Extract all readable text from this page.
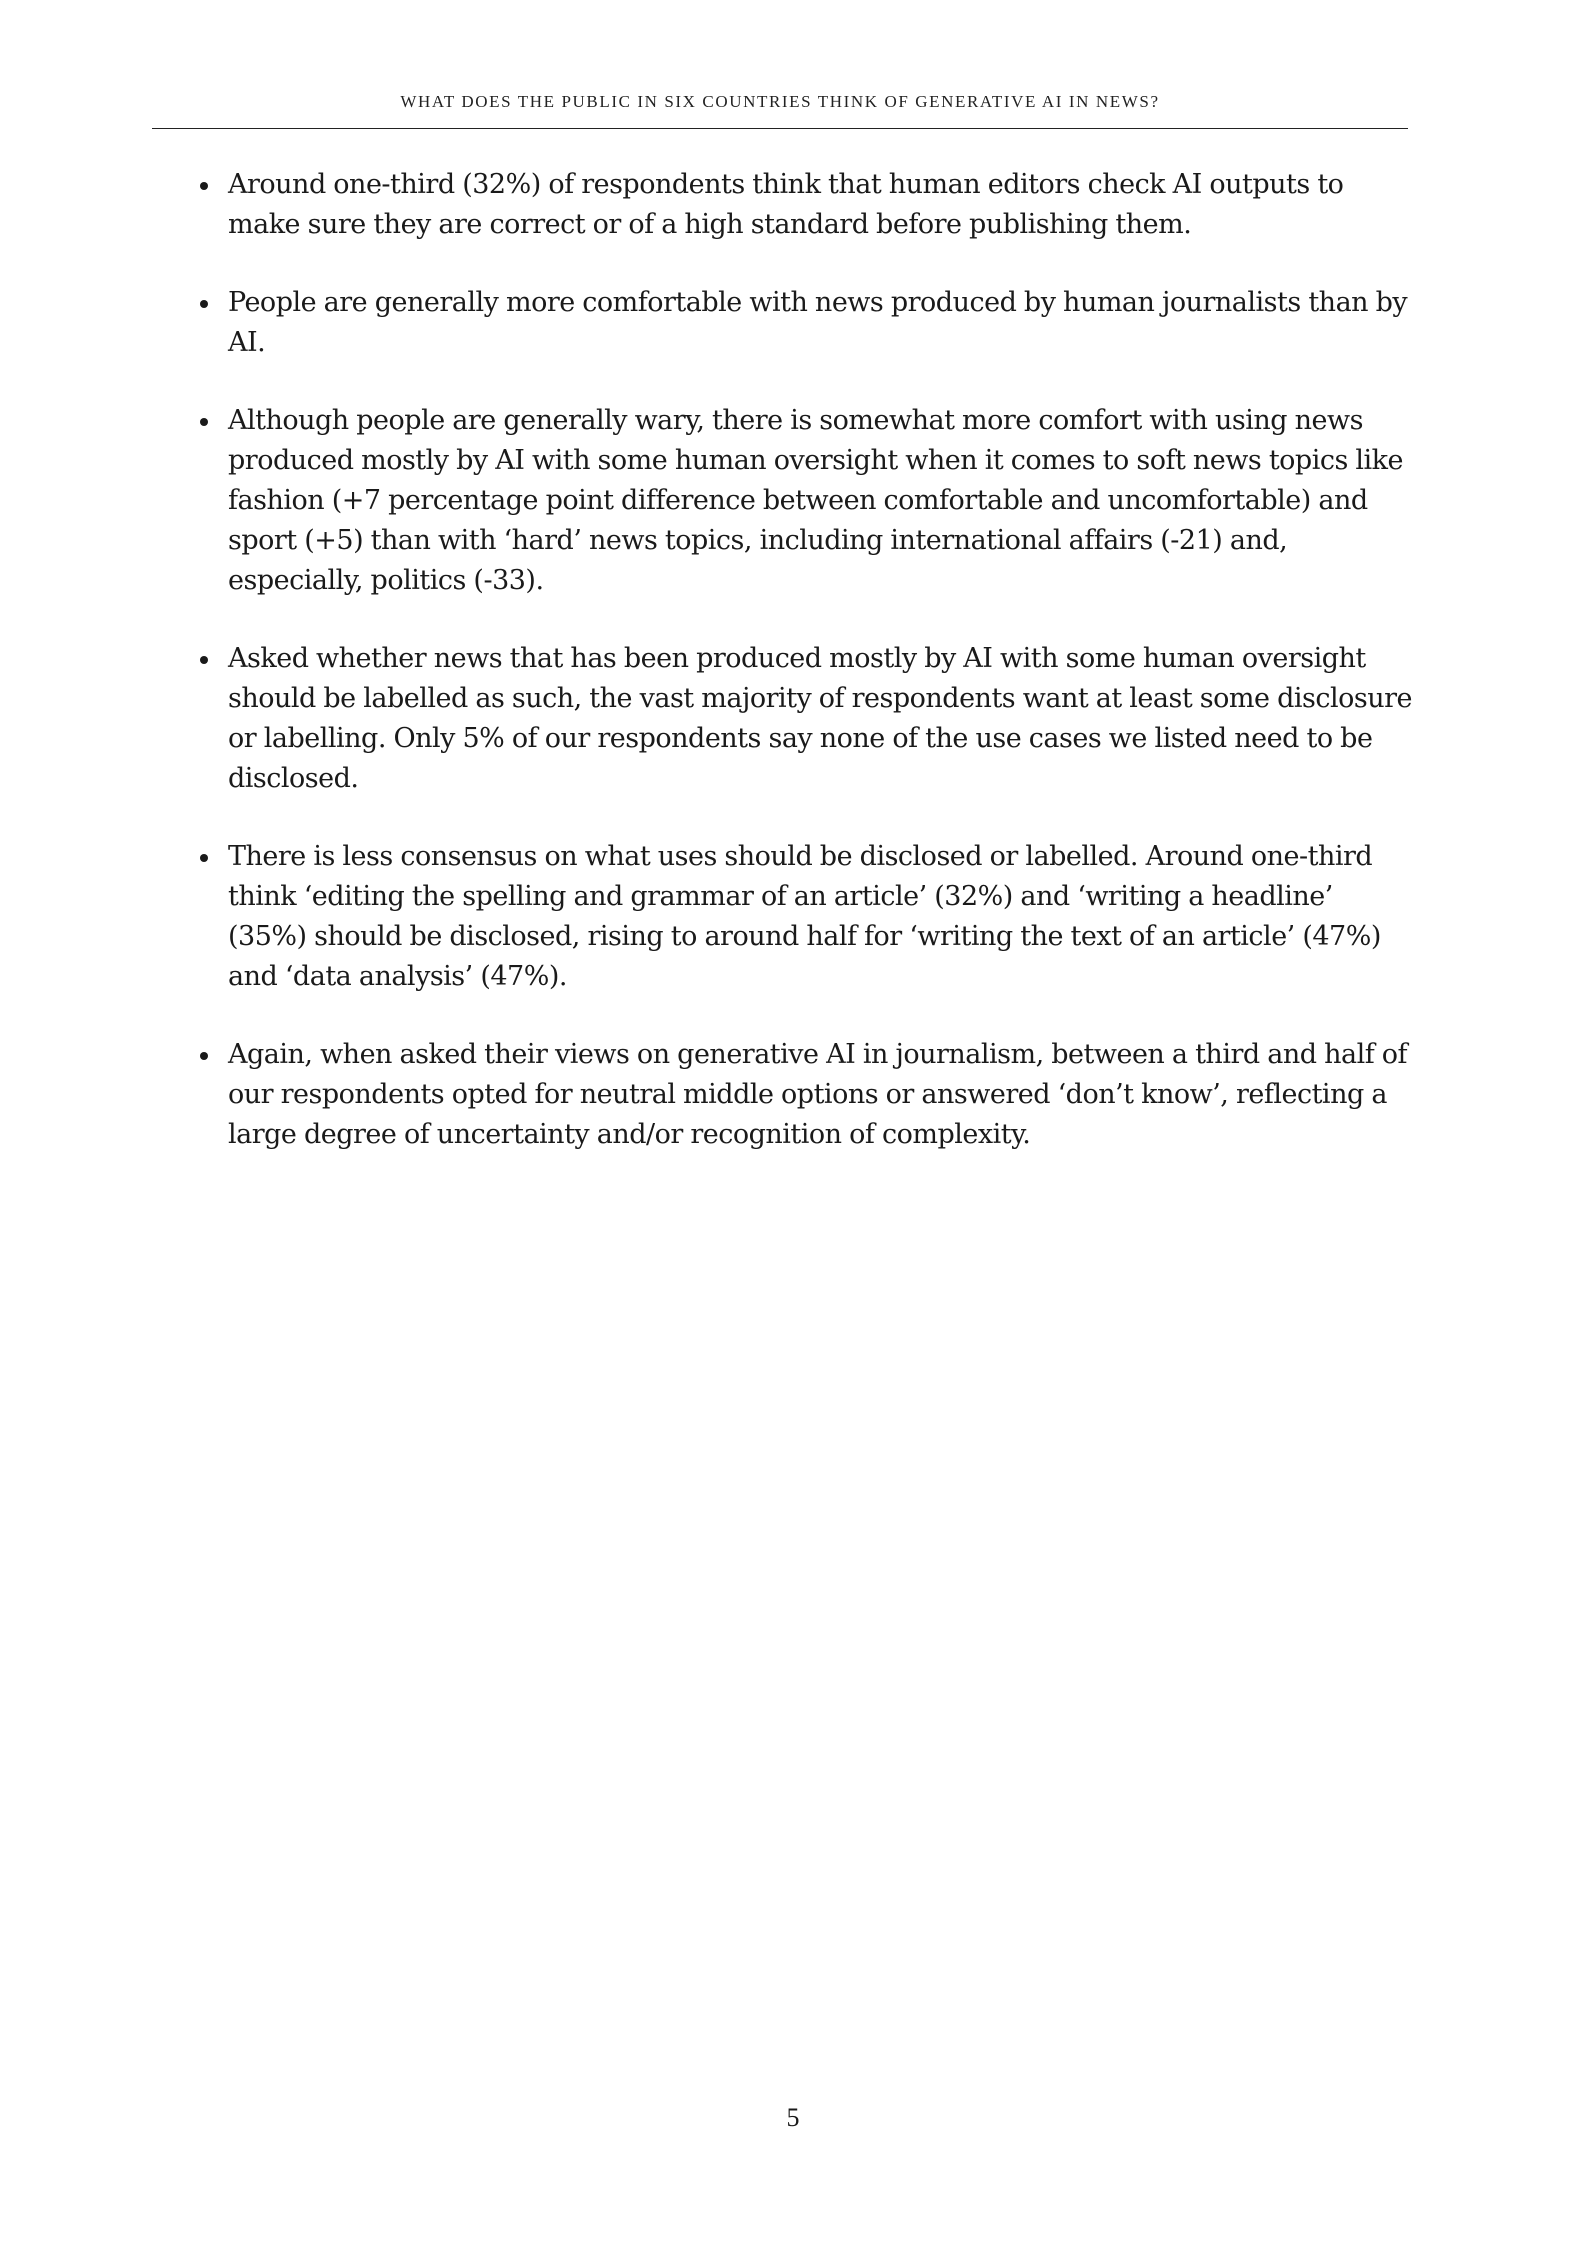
WHAT DOES THE PUBLIC IN SIX COUNTRIES THINK OF GENERATIVE AI IN NEWS?
Around one-third (32%) of respondents think that human editors check AI outputs to make sure they are correct or of a high standard before publishing them.
People are generally more comfortable with news produced by human journalists than by AI.
Although people are generally wary, there is somewhat more comfort with using news produced mostly by AI with some human oversight when it comes to soft news topics like fashion (+7 percentage point difference between comfortable and uncomfortable) and sport (+5) than with ‘hard’ news topics, including international affairs (-21) and, especially, politics (-33).
Asked whether news that has been produced mostly by AI with some human oversight should be labelled as such, the vast majority of respondents want at least some disclosure or labelling. Only 5% of our respondents say none of the use cases we listed need to be disclosed.
There is less consensus on what uses should be disclosed or labelled. Around one-third think ‘editing the spelling and grammar of an article’ (32%) and ‘writing a headline’ (35%) should be disclosed, rising to around half for ‘writing the text of an article’ (47%) and ‘data analysis’ (47%).
Again, when asked their views on generative AI in journalism, between a third and half of our respondents opted for neutral middle options or answered ‘don’t know’, reflecting a large degree of uncertainty and/or recognition of complexity.
5
